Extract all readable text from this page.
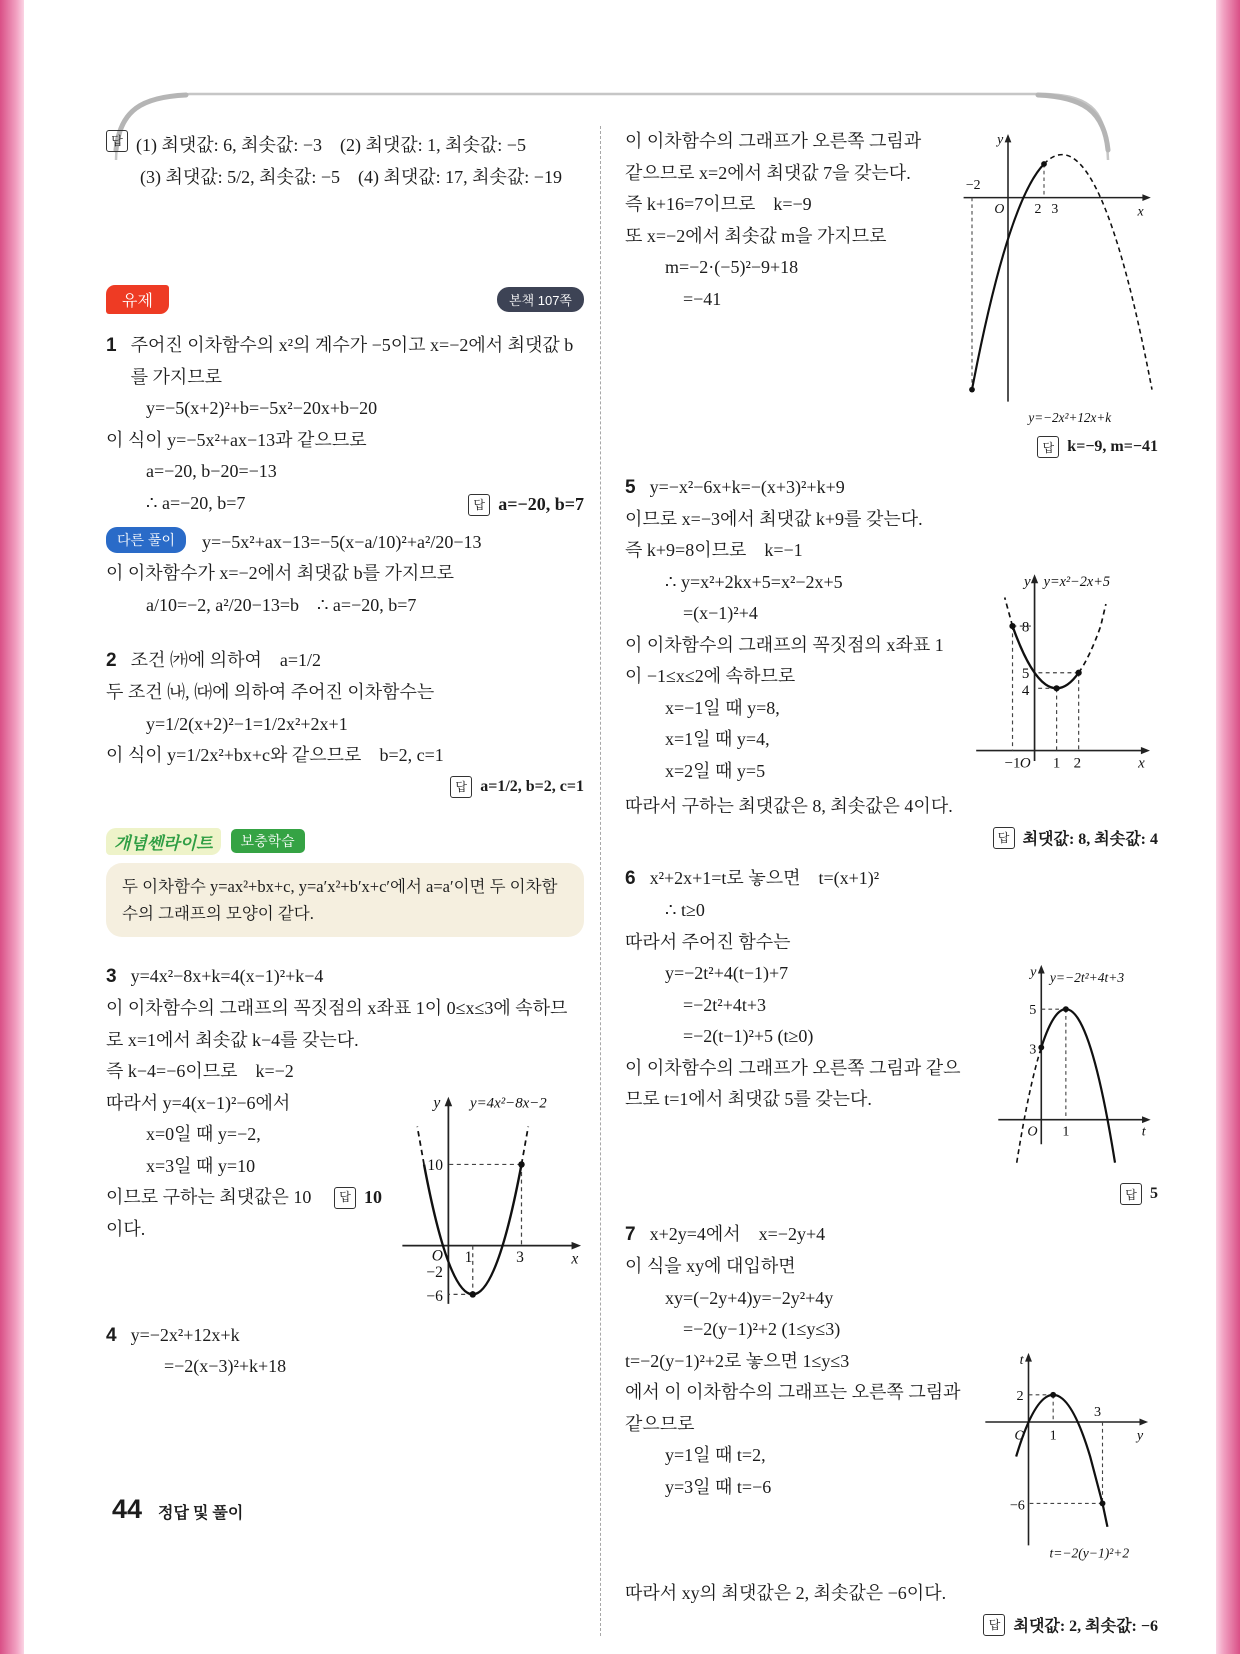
답 (1) 최댓값: 6, 최솟값: −3 (2) 최댓값: 1, 최솟값: −5
(3) 최댓값: 5/2, 최솟값: −5 (4) 최댓값: 17, 최솟값: −19
유제	본책 107쪽
1 주어진 이차함수의 x²의 계수가 −5이고 x=−2에서 최댓값 b를 가지므로
y=−5(x+2)²+b=−5x²−20x+b−20
이 식이 y=−5x²+ax−13과 같으므로
a=−20, b−20=−13
∴ a=−20, b=7	답 a=−20, b=7
다른 풀이	y=−5x²+ax−13=−5(x−a/10)²+a²/20−13
이 이차함수가 x=−2에서 최댓값 b를 가지므로
a/10=−2, a²/20−13=b ∴ a=−20, b=7
2 조건 ㈎에 의하여 a=1/2
두 조건 ㈏, ㈐에 의하여 주어진 이차함수는
y=1/2(x+2)²−1=1/2x²+2x+1
이 식이 y=1/2x²+bx+c와 같으므로 b=2, c=1
답 a=1/2, b=2, c=1
개념쎈라이트	보충학습
두 이차함수 y=ax²+bx+c, y=a′x²+b′x+c′에서 a=a′이면 두 이차함수의 그래프의 모양이 같다.
3 y=4x²−8x+k=4(x−1)²+k−4
이 이차함수의 그래프의 꼭짓점의 x좌표 1이 0≤x≤3에 속하므로 x=1에서 최솟값 k−4를 갖는다.
즉 k−4=−6이므로 k=−2
y	y=4x²−8x−2
10
O 1	3	x
−2
−6
따라서 y=4(x−1)²−6에서
x=0일 때 y=−2,
x=3일 때 y=10
이므로 구하는 최댓값은 10이다.
답 10
4 y=−2x²+12x+k
=−2(x−3)²+k+18
y
−2
O	2 3	x
y=−2x²+12x+k
이 이차함수의 그래프가 오른쪽 그림과 같으므로 x=2에서 최댓값 7을 갖는다.
즉 k+16=7이므로 k=−9
또 x=−2에서 최솟값 m을 가지므로
m=−2·(−5)²−9+18
=−41
답 k=−9, m=−41
5 y=−x²−6x+k=−(x+3)²+k+9
이므로 x=−3에서 최댓값 k+9를 갖는다.
즉 k+9=8이므로 k=−1
y y=x²−2x+5
8
5
4
−1 O 1 2	x
∴ y=x²+2kx+5=x²−2x+5
=(x−1)²+4
이 이차함수의 그래프의 꼭짓점의 x좌표 1이 −1≤x≤2에 속하므로
x=−1일 때 y=8,
x=1일 때 y=4,
x=2일 때 y=5
따라서 구하는 최댓값은 8, 최솟값은 4이다.
답 최댓값: 8, 최솟값: 4
6 x²+2x+1=t로 놓으면 t=(x+1)²
∴ t≥0
따라서 주어진 함수는
y y=−2t²+4t+3
5
3
O 1	t
y=−2t²+4(t−1)+7
=−2t²+4t+3
=−2(t−1)²+5 (t≥0)
이 이차함수의 그래프가 오른쪽 그림과 같으므로 t=1에서 최댓값 5를 갖는다.
답 5
7 x+2y=4에서 x=−2y+4
이 식을 xy에 대입하면
xy=(−2y+4)y=−2y²+4y
=−2(y−1)²+2 (1≤y≤3)
t
2
O 1
3
y
−6
t=−2(y−1)²+2
t=−2(y−1)²+2로 놓으면 1≤y≤3
에서 이 이차함수의 그래프는 오른쪽 그림과 같으므로
y=1일 때 t=2,
y=3일 때 t=−6
따라서 xy의 최댓값은 2, 최솟값은 −6이다.
답 최댓값: 2, 최솟값: −6
44 정답 및 풀이
